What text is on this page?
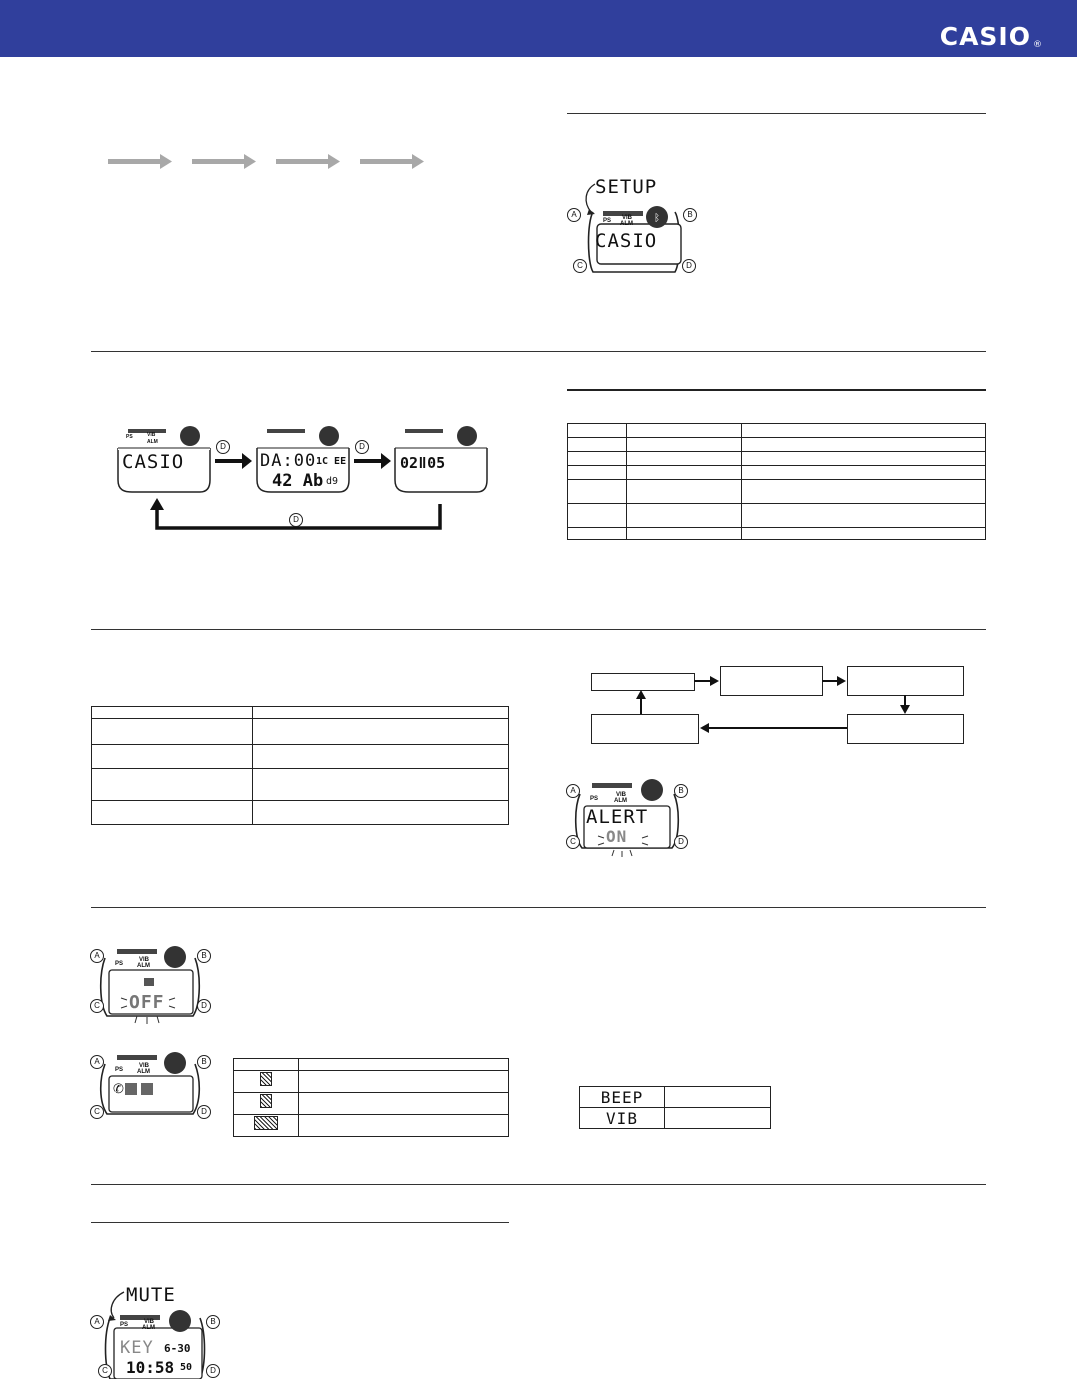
CASIO ®
SETUP
ᛒ
PS VIB
ALM
CASIO
A	B
C	D
PS	VIB
ALM
CASIO	DA:00 1C EE
42 Ab d9
02ǁ05
D	D
D

PS
VIB
ALM
ALERT
ON
A	B
C	D
PS
VIB
ALM
OFF
A	B
C	D
PS
VIB
ALM
✆
A	B
C	D

BEEP	
VIB	
MUTE
PS	VIB
ALM
KEY 6-30
10:58 50
A	B
C	D
